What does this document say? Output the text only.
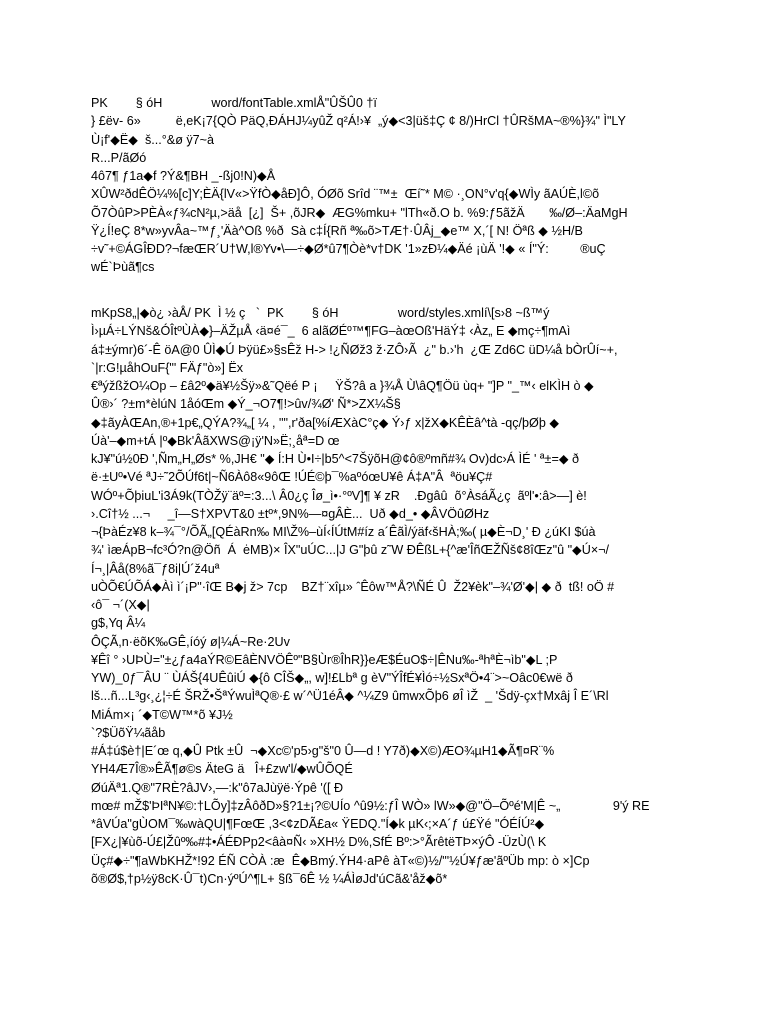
PK        § óH              word/fontTable.xmlÅ"ÛŠÛ0 †ï
} £ëv- 6»          ë,eK¡7{QÒ PäQ,ÐÁHJ¼yûŽ q²Á!›¥  „ý◆<3|üš‡Ç ¢ 8/)HrCl †ÛRšMA~®%}¾" Ì"LY
Ù¡f'◆Ë◆  š...°&ø ÿ7~à
R...P/ãØó
4ô7¶ ƒ1a◆f ?Ý&¶BH _-ßj0!N)◆Å
XÛW²ðdÊÖ¼%[c]Y;ÈÄ{lV«>ŸfÒ◆åÐ]Ô, ÓØõ Srîd ¨™±  Œí˜* M© ·¸ON°v'q{◆WÌy ãAÚÈ,l©õ
Õ7ÒûP>PÈÀ«ƒ¾cN²µ,>äå  [¿]  Š+ ,õJR◆  ÆG%mku+ "lTh«ð.O b. %9:ƒ5ãžÄ       ‰/Ø–:ÄaMgH
Ÿ¿Í!eÇ 8*w»yvÂa~™ƒ¸'Äà^Oß %ð  Sà c‡Í{Rñ ª‰õ>TÆ†·ÛÂj_◆e™ X,´[ N! Öªß ◆ ½H/B
÷v˜+©ÁGÎÐD?¬fæŒR´U†W,l®Yv•\—÷◆Ø*û7¶Òè*v†DK '1»zÐ¼◆Äé ¡ùÄ '!◆ « Í"Ý:         ®uÇ
wÉ`Þùã¶cs
mKpS8„|◆ò¿ ›àÅ/ PK  Ì ½ ç   `  PK        § óH                 word/styles.xmlí\[s›8 ~ß™ý
Ì›µÁ÷LÝNš&ÓÎtºÙÀ◆}–ÄŽµÅ ‹ä¤é¯_  6 alãØÉº™¶FG–àœOß'HäÝ‡ ‹Àz„ E ◆mç÷¶mAì
á‡±ýmr)6´-Ê öA@0 ÛÌ◆Ú Þÿü£»§sÊž H-> !¿ÑØž3 ž·ZÔ›Ã  ¿" b.›'h  ¿Œ Zd6C üD¼å bÒrÛí~+,
`|r:G!µåhOuF{"' FÄƒ"ò»] Ëx
€ªýžßžO¼Op – £â2º◆ä¥½Šÿ»&˜Qëé P ¡     ŸŠ?â a }¾Å Ù\âQ¶Öü ùq+ "]P "_™‹ elKÌH ò ◆
Û®›´ ?±m*èlúN 1åóŒm ◆Ý_¬O7¶!>ûv/¾Ø' Ñ*>ZX¼Š§
◆‡ãyÀŒAn,®+1p€„QÝA?¾„[ ¼ , "",r'ða[%íÆXàC°ç◆ Ý›ƒ x|žX◆KÊÈâ^tà -qç/þØþ ◆
Úà'–◆m+tÁ |º◆Bk'ÂãXWS@¡ÿ'N»Ë;¸åª=D œ
kJ¥"ú½0Ð ',Ñm„H„Øs* %,JH€ "◆ Í:H Ù•I÷|b5^<7ŠÿõH@¢ô®ºmñ#¾ Ov)dc›Á ÌÉ ' ª±=◆ ð
ë·±Uº•Vé ªJ÷˜2ÕÚf6t|~Ñ6Àô8«9ôŒ !ÚÉ©þ¯%aºóœU¥ê Á‡A"Â  ªöu¥Ç#
WÓº+ÕþiuL'i3Á9k(TÒŽÿ¨äº=:3...\ Â0¿ç Îø_ì•·°ºV]¶ ¥ zR    .Ðgâû  õ°ÀsáÃ¿ç  ãºl'•:â>—] è!
›.Cî†½ ...¬     _î—S†XPVT&0 ±tº*,9N%—¤gÂÈ...  Uð ◆d_• ◆ÂVÖûØHz
¬{ÞàÉz¥8 k–¾¯°/ÕÃ„[QÉàRn‰ MI\Ž%–ùÍ‹ÍÚtM#íz a´ÊãÌ/ýäf‹šHÀ;‰( µ◆È¬D¸' Ð ¿úKI $úà
¾' ìæÁpB¬fc³Ó?n@Öñ  Á  ėMB)× ÎX"uÚC...|J G"þû z˜W ÐÊßL+{^æ'ÎñŒŽÑš¢8îŒz"û "◆Ú×¬/
Í¬¸|Âå(8%ã¯ƒ8i|Ú´ž4uª
uÒÕ€ÚÕÁ◆Àì ì´¡P"·îŒ B◆j ž> 7cp    BZ†¨xîµ» ˆÊôw™Å?\ÑÉ Û  Ž2¥èk"–¾'Ø'◆| ◆ ð  tß! oÖ #
‹ô¯ ¬´(X◆|
g$,Yq Â¼
ÔÇÃ,n·ëõK‰GÊ,íóý ø|¼Á~Re·2Uv
¥Êî ° ›UÞÙ="±¿ƒa4aÝR©EâÈNVÖÊº"B§Ùr®ÎhR}}eÆ$ÉuO$÷|ÊNu‰-ªhªÈ¬ìb"◆L ;P
YW)_0ƒ¯ÂU ¨ ÙÁŠ{4UÊûiÚ ◆{ô CÎŠ◆„, w]!£Lbª g èV"ÝÎfÉ¥Ìó÷½SxªÖ•4¨>~Oâc0€wë ð
lš...ñ...L³g‹¸¿¦÷É ŠRŽ•ŠªÝwuÌªQ®·£ w´^Ü1éÂ◆ ^¼Z9 ûmwxÕþ6 øÎ ìŽ  _ 'Šdÿ-çx†Mxâj Î E´\Rl
MiÁm×¡ ´◆T©W™*õ ¥J½
`?$ÜõŸ¼ãåb
#Á‡ú$è†|E´œ q,◆Û Ptk ±Û  ¬◆Xc©'p5›g"š"0 Û—d ! Y7ð)◆X©)ÆO¾µH1◆Ã¶¤R¨%
YH4Æ7Î®»ÊÃ¶ø©s ÄteG ä   Î+£zw'l/◆wÛÕQÉ
ØúÄª1.Q®"7RÈ?âJV›,—:k"ô7aJùÿë·Ýpê '([ Ð
mœ# mŽ$'ÞIªN¥©:†LÕy]‡zÂôðD»§?1±¡?©UÍo ^û9½:ƒÎ WÒ» lW»◆@"Ö–Õºé'M|Ê ~„               9'ý RE
*âVÚa"gÙOM¯‰wàQU|¶FœŒ ,3<¢zDÃ£a« ŸEDQ."Í◆k µK‹;×A´ƒ ú£Ÿé "ÓÉÍÚ²◆
[FX¿|¥ùõ-Ú£|Žûº‰#‡•ÁÉÐPp2<âà¤Ñ‹ »XH½ D%,SfÉ Bº:>°ÃrêtëTÞ×ýÔ -ÜzÙ(\ K
Üç#◆÷"¶aWbKHŽ*!92 ÉÑ CÒÀ :æ  Ê◆Bmý.ÝH4·aPê àT«©)½/"'½Ú¥ƒæ'ãºÜb mp: ò ×]Cp
õ®Ø$‚†p½ÿ8cK·Û¯t)Cn·ýºÚ^¶L+ §ß¯6Ê ½ ¼ÁÌøJd'úCã&'åž◆õ*
